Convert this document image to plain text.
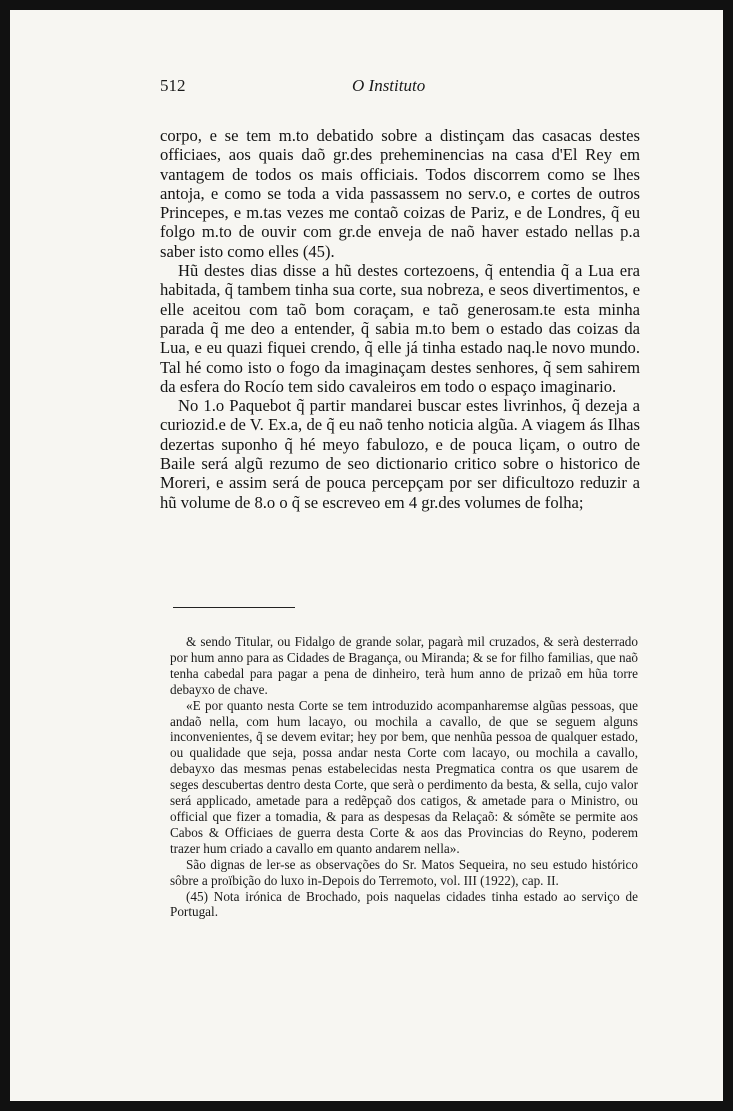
512	O Instituto

corpo, e se tem m.to debatido sobre a distinçam das casacas destes officiaes, aos quais daõ gr.des preheminencias na casa d'El Rey em vantagem de todos os mais officiais. Todos discorrem como se lhes antoja, e como se toda a vida passassem no serv.o, e cortes de outros Princepes, e m.tas vezes me contaõ coizas de Pariz, e de Londres, q̃ eu folgo m.to de ouvir com gr.de enveja de naõ haver estado nellas p.a saber isto como elles (45).

Hũ destes dias disse a hũ destes cortezoens, q̃ entendia q̃ a Lua era habitada, q̃ tambem tinha sua corte, sua nobreza, e seos divertimentos, e elle aceitou com taõ bom coraçam, e taõ generosam.te esta minha parada q̃ me deo a entender, q̃ sabia m.to bem o estado das coizas da Lua, e eu quazi fiquei crendo, q̃ elle já tinha estado naq.le novo mundo. Tal hé como isto o fogo da imaginaçam destes senhores, q̃ sem sahirem da esfera do Rocío tem sido cavaleiros em todo o espaço imaginario.

No 1.o Paquebot q̃ partir mandarei buscar estes livrinhos, q̃ dezeja a curiozid.e de V. Ex.a, de q̃ eu naõ tenho noticia algũa. A viagem ás Ilhas dezertas suponho q̃ hé meyo fabulozo, e de pouca liçam, o outro de Baile será algũ rezumo de seo dictionario critico sobre o historico de Moreri, e assim será de pouca percepçam por ser dificultozo reduzir a hũ volume de 8.o o q̃ se escreveo em 4 gr.des volumes de folha;

& sendo Titular, ou Fidalgo de grande solar, pagarà mil cruzados, & serà desterrado por hum anno para as Cidades de Bragança, ou Miranda; & se for filho familias, que naõ tenha cabedal para pagar a pena de dinheiro, terà hum anno de prizaõ em hũa torre debayxo de chave.

«E por quanto nesta Corte se tem introduzido acompanharemse algũas pessoas, que andaõ nella, com hum lacayo, ou mochila a cavallo, de que se seguem alguns inconvenientes, q̃ se devem evitar; hey por bem, que nenhũa pessoa de qualquer estado, ou qualidade que seja, possa andar nesta Corte com lacayo, ou mochila a cavallo, debayxo das mesmas penas estabelecidas nesta Pregmatica contra os que usarem de seges descubertas dentro desta Corte, que serà o perdimento da besta, & sella, cujo valor será applicado, ametade para a redẽpçaõ dos catigos, & ametade para o Ministro, ou official que fizer a tomadia, & para as despesas da Relaçaõ: & sómẽte se permite aos Cabos & Officiaes de guerra desta Corte & aos das Provincias do Reyno, poderem trazer hum criado a cavallo em quanto andarem nella».

São dignas de ler-se as observações do Sr. Matos Sequeira, no seu estudo histórico sôbre a proïbição do luxo in-Depois do Terremoto, vol. III (1922), cap. II.

(45) Nota irónica de Brochado, pois naquelas cidades tinha estado ao serviço de Portugal.
